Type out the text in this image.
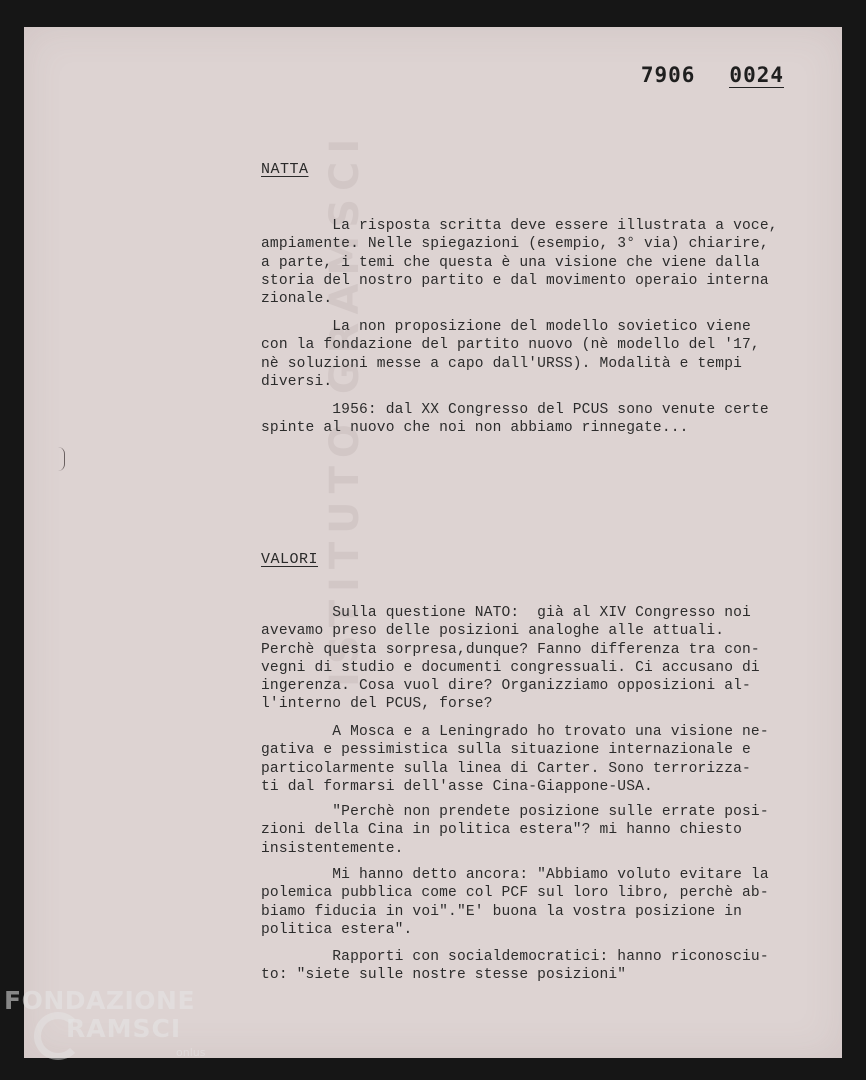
7906 0024
ISTITUTO GRAMSCI
NATTA
La risposta scritta deve essere illustrata a voce,
ampiamente. Nelle spiegazioni (esempio, 3° via) chiarire,
a parte, i temi che questa è una visione che viene dalla
storia del nostro partito e dal movimento operaio interna
zionale.
La non proposizione del modello sovietico viene
con la fondazione del partito nuovo (nè modello del '17,
nè soluzioni messe a capo dall'URSS). Modalità e tempi
diversi.
1956: dal XX Congresso del PCUS sono venute certe
spinte al nuovo che noi non abbiamo rinnegate...
VALORI
Sulla questione NATO:  già al XIV Congresso noi
avevamo preso delle posizioni analoghe alle attuali.
Perchè questa sorpresa,dunque? Fanno differenza tra con-
vegni di studio e documenti congressuali. Ci accusano di
ingerenza. Cosa vuol dire? Organizziamo opposizioni al-
l'interno del PCUS, forse?
A Mosca e a Leningrado ho trovato una visione ne-
gativa e pessimistica sulla situazione internazionale e
particolarmente sulla linea di Carter. Sono terrorizza-
ti dal formarsi dell'asse Cina-Giappone-USA.
"Perchè non prendete posizione sulle errate posi-
zioni della Cina in politica estera"? mi hanno chiesto
insistentemente.
Mi hanno detto ancora: "Abbiamo voluto evitare la
polemica pubblica come col PCF sul loro libro, perchè ab-
biamo fiducia in voi"."E' buona la vostra posizione in
politica estera".
Rapporti con socialdemocratici: hanno riconosciu-
to: "siete sulle nostre stesse posizioni"
FONDAZIONE
RAMSCI
onlus
